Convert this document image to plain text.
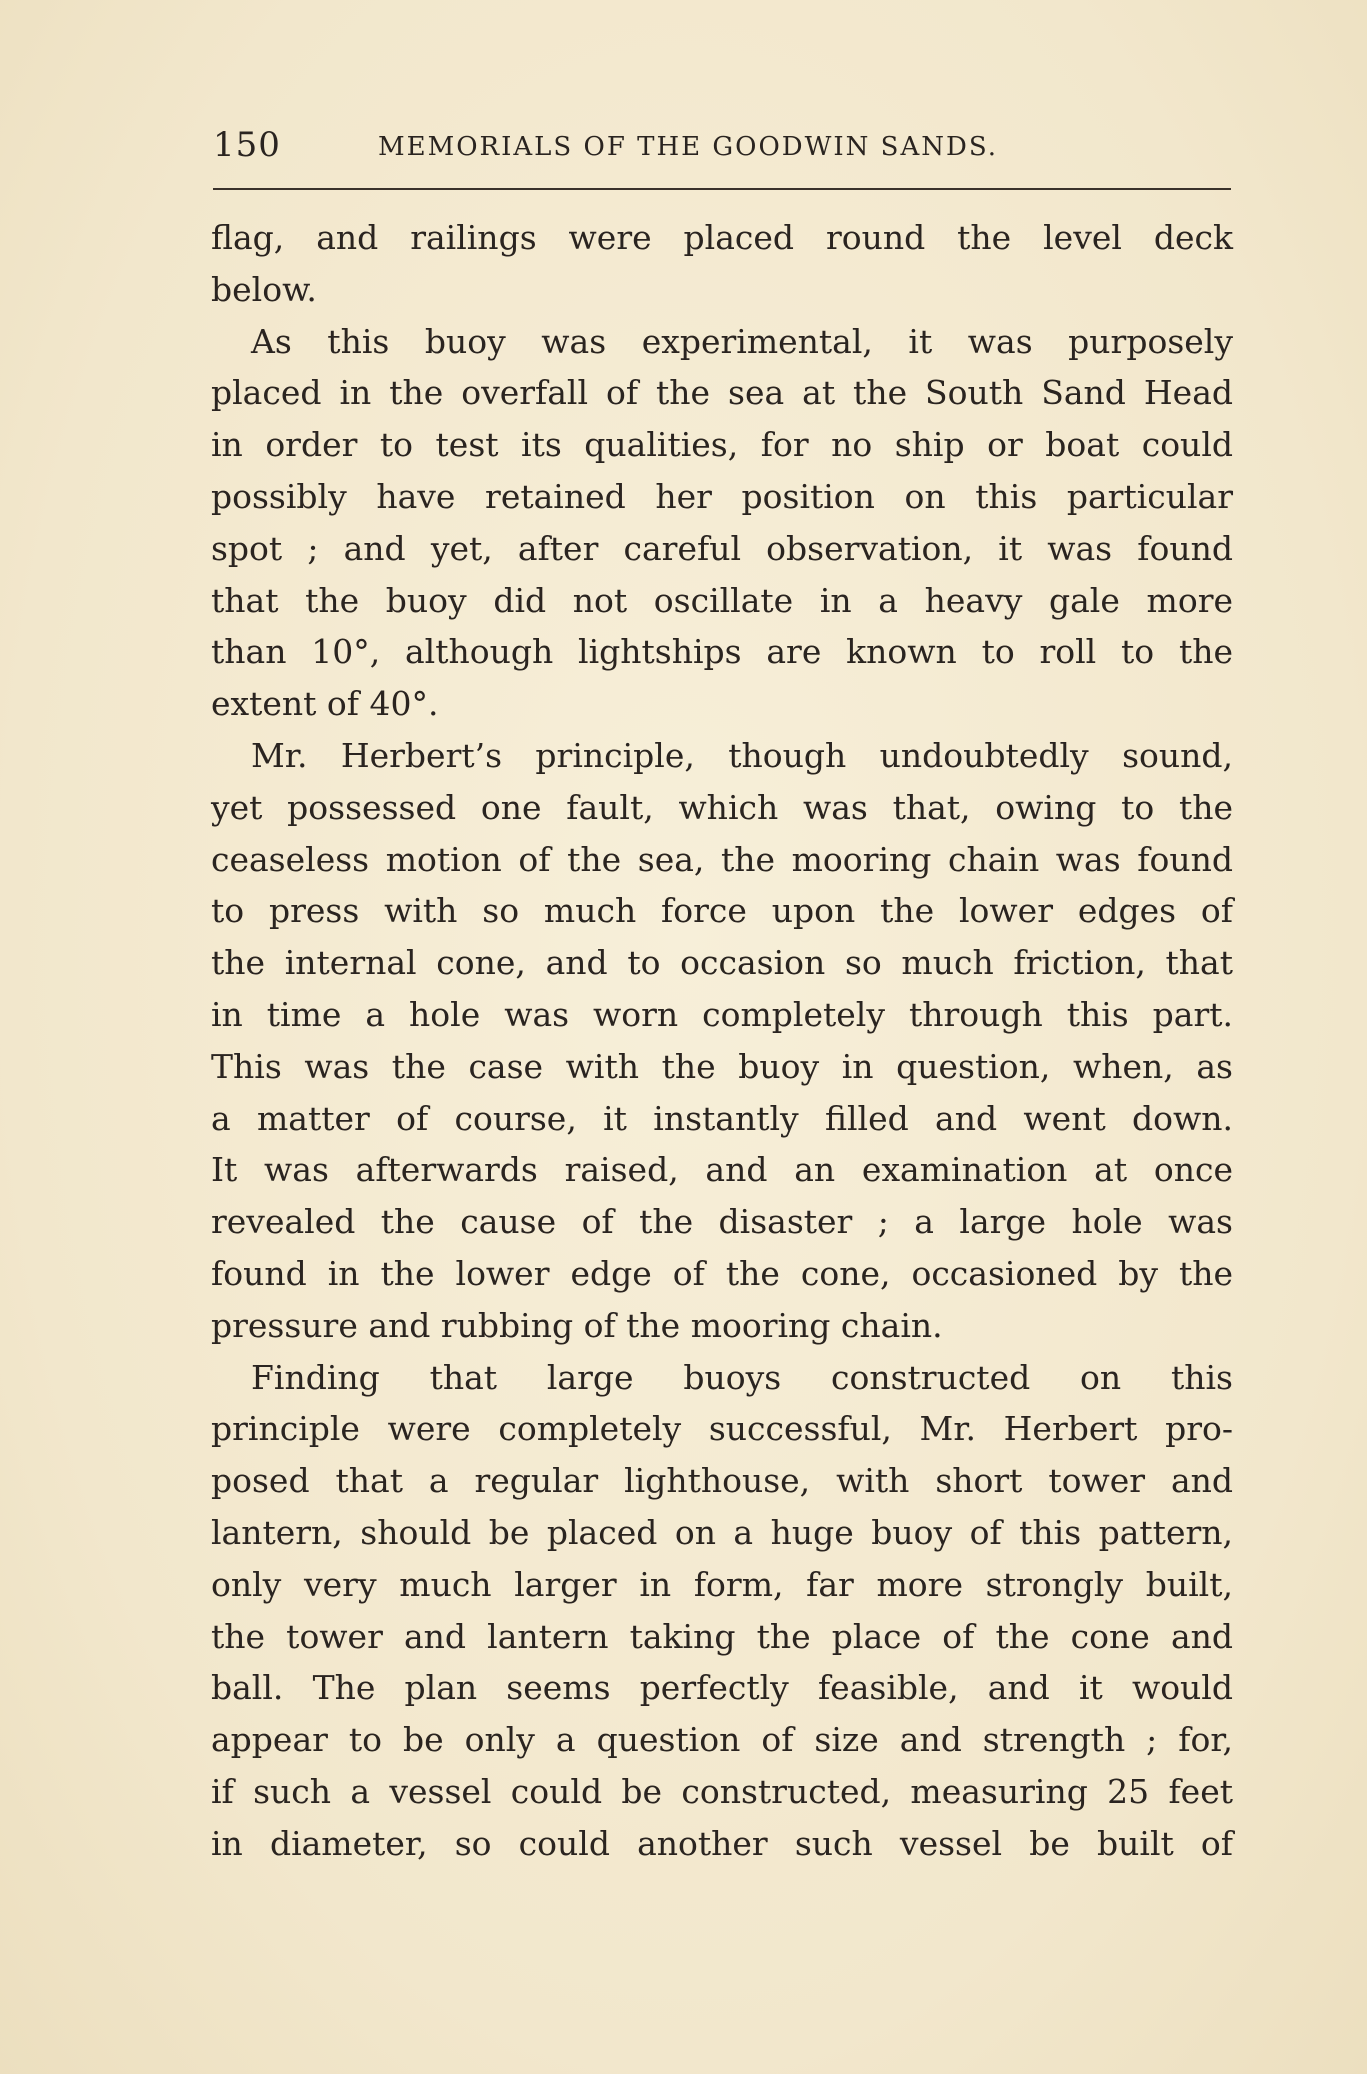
150	MEMORIALS OF THE GOODWIN SANDS.
flag, and railings were placed round the level deck
below.
As this buoy was experimental, it was purposely
placed in the overfall of the sea at the South Sand Head
in order to test its qualities, for no ship or boat could
possibly have retained her position on this particular
spot ; and yet, after careful observation, it was found
that the buoy did not oscillate in a heavy gale more
than 10°, although lightships are known to roll to the
extent of 40°.
Mr. Herbert’s principle, though undoubtedly sound,
yet possessed one fault, which was that, owing to the
ceaseless motion of the sea, the mooring chain was found
to press with so much force upon the lower edges of
the internal cone, and to occasion so much friction, that
in time a hole was worn completely through this part.
This was the case with the buoy in question, when, as
a matter of course, it instantly filled and went down.
It was afterwards raised, and an examination at once
revealed the cause of the disaster ; a large hole was
found in the lower edge of the cone, occasioned by the
pressure and rubbing of the mooring chain.
Finding that large buoys constructed on this
principle were completely successful, Mr. Herbert pro-
posed that a regular lighthouse, with short tower and
lantern, should be placed on a huge buoy of this pattern,
only very much larger in form, far more strongly built,
the tower and lantern taking the place of the cone and
ball. The plan seems perfectly feasible, and it would
appear to be only a question of size and strength ; for,
if such a vessel could be constructed, measuring 25 feet
in diameter, so could another such vessel be built of
